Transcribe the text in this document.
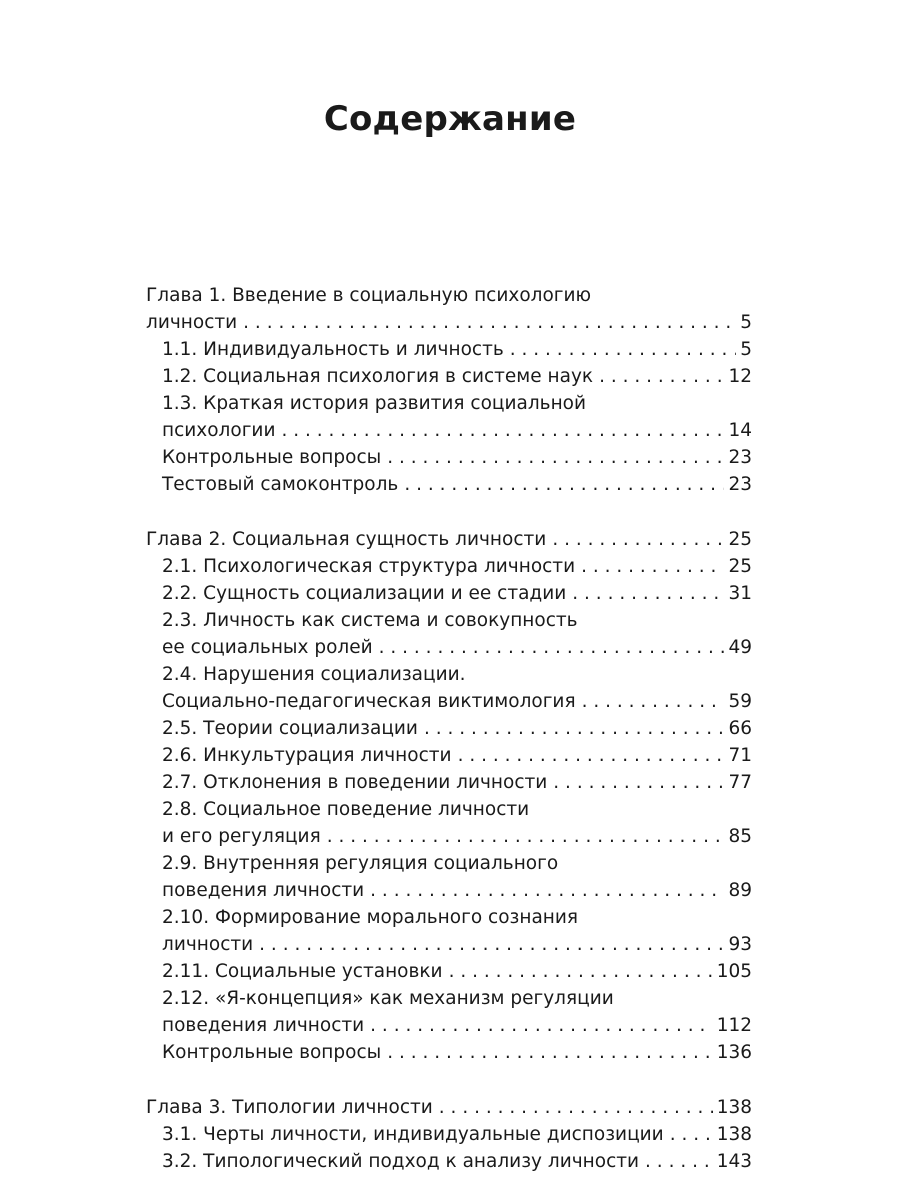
Содержание
Глава 1. Введение в социальную психологию
личности . . .	5
1.1. Индивидуальность и личность . . .	5
1.2. Социальная психология в системе наук . . .	12
1.3. Краткая история развития социальной
психологии . . .	14
Контрольные вопросы . . .	23
Тестовый самоконтроль . . .	23
Глава 2. Социальная сущность личности . . .	25
2.1. Психологическая структура личности . . .	25
2.2. Сущность социализации и ее стадии . . .	31
2.3. Личность как система и совокупность
ее социальных ролей . . .	49
2.4. Нарушения социализации.
Социально-педагогическая виктимология . . .	59
2.5. Теории социализации . . .	66
2.6. Инкультурация личности . . .	71
2.7. Отклонения в поведении личности . . .	77
2.8. Социальное поведение личности
и его регуляция . . .	85
2.9. Внутренняя регуляция социального
поведения личности . . .	89
2.10. Формирование морального сознания
личности . . .	93
2.11. Социальные установки . . .	105
2.12. «Я-концепция» как механизм регуляции
поведения личности . . .	112
Контрольные вопросы . . .	136
Глава 3. Типологии личности . . .	138
3.1. Черты личности, индивидуальные диспозиции . . .	138
3.2. Типологический подход к анализу личности . . .	143
